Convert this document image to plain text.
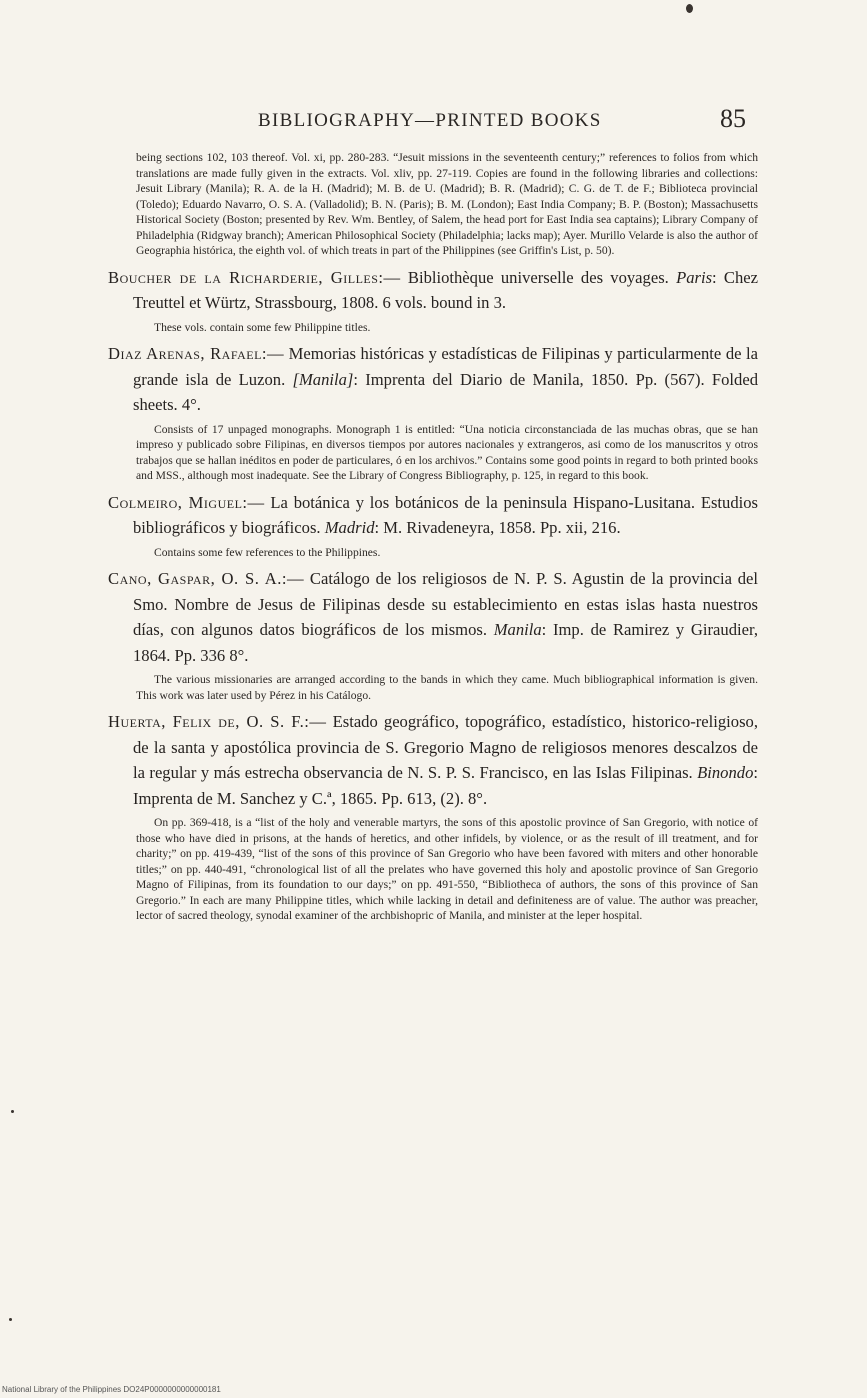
BIBLIOGRAPHY—PRINTED BOOKS	85

being sections 102, 103 thereof. Vol. xi, pp. 280-283. “Jesuit missions in the seventeenth century;” references to folios from which translations are made fully given in the extracts. Vol. xliv, pp. 27-119. Copies are found in the following libraries and collections: Jesuit Library (Manila); R. A. de la H. (Madrid); M. B. de U. (Madrid); B. R. (Madrid); C. G. de T. de F.; Biblioteca provincial (Toledo); Eduardo Navarro, O. S. A. (Valladolid); B. N. (Paris); B. M. (London); East India Company; B. P. (Boston); Massachusetts Historical Society (Boston; presented by Rev. Wm. Bentley, of Salem, the head port for East India sea captains); Library Company of Philadelphia (Ridgway branch); American Philosophical Society (Philadelphia; lacks map); Ayer. Murillo Velarde is also the author of Geographia histórica, the eighth vol. of which treats in part of the Philippines (see Griffin's List, p. 50).

Boucher de la Richarderie, Gilles:— Bibliothèque universelle des voyages. Paris: Chez Treuttel et Würtz, Strassbourg, 1808. 6 vols. bound in 3.

These vols. contain some few Philippine titles.

Diaz Arenas, Rafael:— Memorias históricas y estadísticas de Filipinas y particularmente de la grande isla de Luzon. [Manila]: Imprenta del Diario de Manila, 1850. Pp. (567). Folded sheets. 4°.

Consists of 17 unpaged monographs. Monograph 1 is entitled: “Una noticia circonstanciada de las muchas obras, que se han impreso y publicado sobre Filipinas, en diversos tiempos por autores nacionales y extrangeros, asi como de los manuscritos y otros trabajos que se hallan inéditos en poder de particulares, ó en los archivos.” Contains some good points in regard to both printed books and MSS., although most inadequate. See the Library of Congress Bibliography, p. 125, in regard to this book.

Colmeiro, Miguel:— La botánica y los botánicos de la peninsula Hispano-Lusitana. Estudios bibliográficos y biográficos. Madrid: M. Rivadeneyra, 1858. Pp. xii, 216.

Contains some few references to the Philippines.

Cano, Gaspar, O. S. A.:— Catálogo de los religiosos de N. P. S. Agustin de la provincia del Smo. Nombre de Jesus de Filipinas desde su establecimiento en estas islas hasta nuestros días, con algunos datos biográficos de los mismos. Manila: Imp. de Ramirez y Giraudier, 1864. Pp. 336 8°.

The various missionaries are arranged according to the bands in which they came. Much bibliographical information is given. This work was later used by Pérez in his Catálogo.

Huerta, Felix de, O. S. F.:— Estado geográfico, topográfico, estadístico, historico-religioso, de la santa y apostólica provincia de S. Gregorio Magno de religiosos menores descalzos de la regular y más estrecha observancia de N. S. P. S. Francisco, en las Islas Filipinas. Binondo: Imprenta de M. Sanchez y C.ª, 1865. Pp. 613, (2). 8°.

On pp. 369-418, is a “list of the holy and venerable martyrs, the sons of this apostolic province of San Gregorio, with notice of those who have died in prisons, at the hands of heretics, and other infidels, by violence, or as the result of ill treatment, and for charity;” on pp. 419-439, “list of the sons of this province of San Gregorio who have been favored with miters and other honorable titles;” on pp. 440-491, “chronological list of all the prelates who have governed this holy and apostolic province of San Gregorio Magno of Filipinas, from its foundation to our days;” on pp. 491-550, “Bibliotheca of authors, the sons of this province of San Gregorio.” In each are many Philippine titles, which while lacking in detail and definiteness are of value. The author was preacher, lector of sacred theology, synodal examiner of the archbishopric of Manila, and minister at the leper hospital.

National Library of the Philippines DO24P0000000000000181
